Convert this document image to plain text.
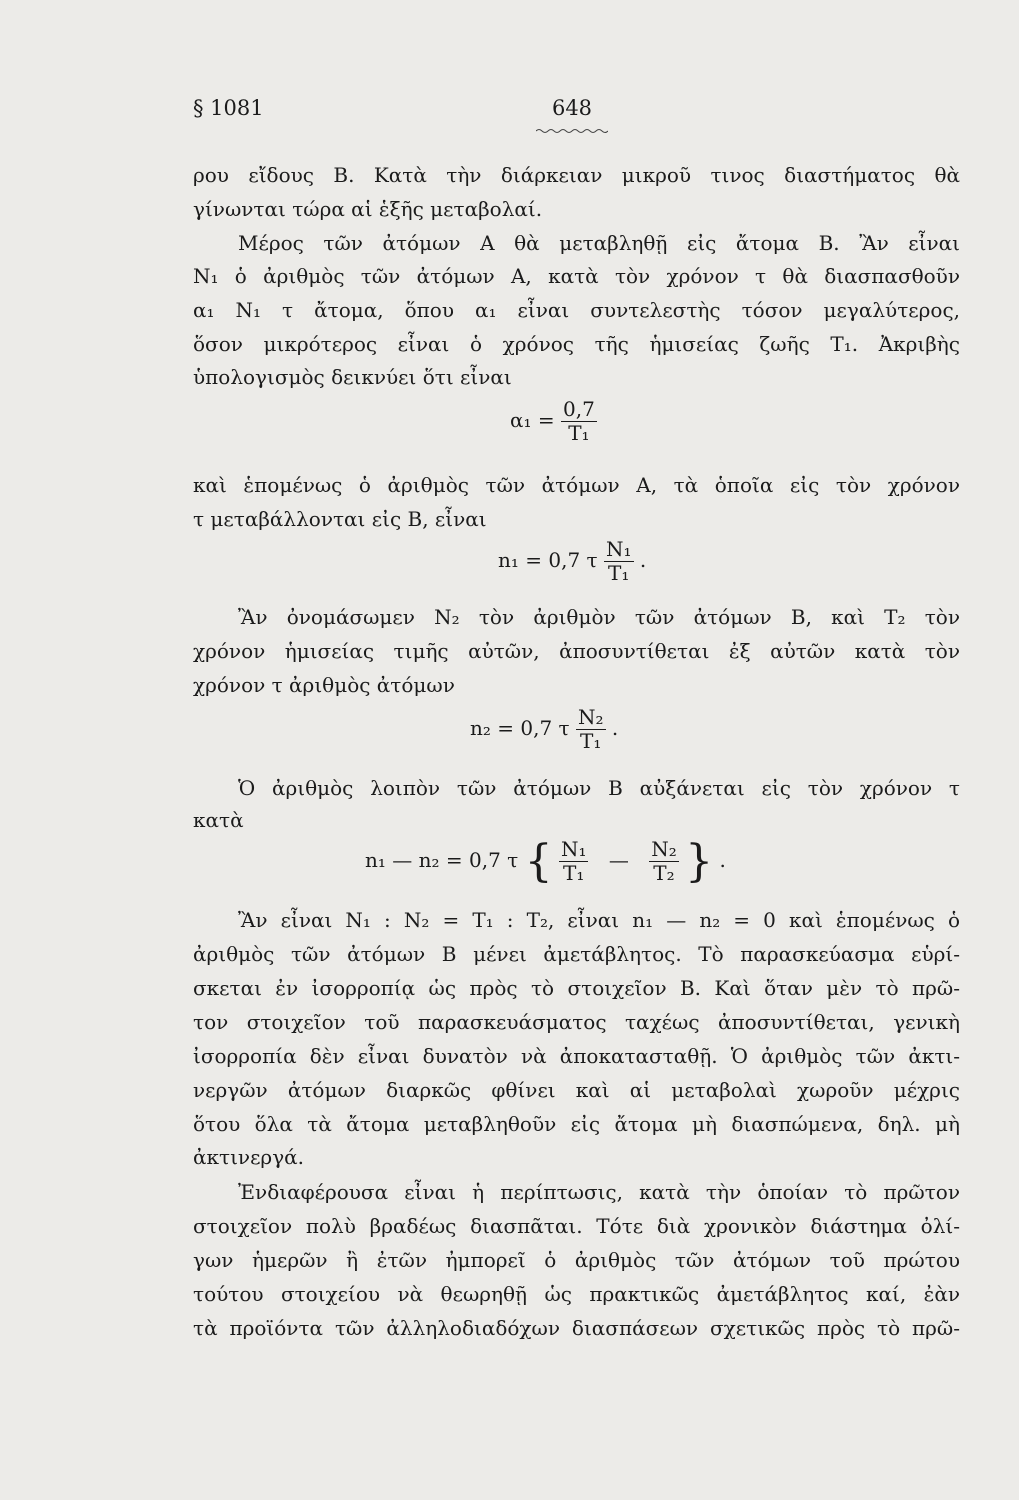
§ 1081	648
ρου εἴδους Β. Κατὰ τὴν διάρκειαν μικροῦ τινος διαστήματος θὰ
γίνωνται τώρα αἱ ἑξῆς μεταβολαί.
Μέρος τῶν ἀτόμων Α θὰ μεταβληθῇ εἰς ἄτομα Β. Ἂν εἶναι
N₁ ὁ ἀριθμὸς τῶν ἀτόμων Α, κατὰ τὸν χρόνον τ θὰ διασπασθοῦν
α₁ N₁ τ ἄτομα, ὅπου α₁ εἶναι συντελεστὴς τόσον μεγαλύτερος,
ὅσον μικρότερος εἶναι ὁ χρόνος τῆς ἡμισείας ζωῆς T₁. Ἀκριβὴς
ὑπολογισμὸς δεικνύει ὅτι εἶναι
$\alpha_1 = \frac{0,7}{\text{T₁}}$
καὶ ἑπομένως ὁ ἀριθμὸς τῶν ἀτόμων Α, τὰ ὁποῖα εἰς τὸν χρόνον
τ μεταβάλλονται εἰς Β, εἶναι
n₁ = 0,7 τ $\frac{\text{N₁}}{\text{T₁}}$ .
Ἂν ὀνομάσωμεν N₂ τὸν ἀριθμὸν τῶν ἀτόμων Β, καὶ T₂ τὸν
χρόνον ἡμισείας τιμῆς αὐτῶν, ἀποσυντίθεται ἐξ αὐτῶν κατὰ τὸν
χρόνον τ ἀριθμὸς ἀτόμων
n₂ = 0,7 τ $\frac{\text{N₂}}{\text{T₁}}$ .
Ὁ ἀριθμὸς λοιπὸν τῶν ἀτόμων Β αὐξάνεται εἰς τὸν χρόνον τ
κατὰ
n₁ — n₂ = 0,7 τ { $\frac{\text{N₁}}{\text{T₁}}$ — $\frac{\text{N₂}}{\text{T₂}}$ } .
Ἂν εἶναι N₁ : N₂ = T₁ : T₂, εἶναι n₁ — n₂ = 0 καὶ ἑπομένως ὁ
ἀριθμὸς τῶν ἀτόμων Β μένει ἀμετάβλητος. Τὸ παρασκεύασμα εὑρί-
σκεται ἐν ἰσορροπίᾳ ὡς πρὸς τὸ στοιχεῖον Β. Καὶ ὅταν μὲν τὸ πρῶ-
τον στοιχεῖον τοῦ παρασκευάσματος ταχέως ἀποσυντίθεται, γενικὴ
ἰσορροπία δὲν εἶναι δυνατὸν νὰ ἀποκατασταθῇ. Ὁ ἀριθμὸς τῶν ἀκτι-
νεργῶν ἀτόμων διαρκῶς φθίνει καὶ αἱ μεταβολαὶ χωροῦν μέχρις
ὅτου ὅλα τὰ ἄτομα μεταβληθοῦν εἰς ἄτομα μὴ διασπώμενα, δηλ. μὴ
ἀκτινεργά.
Ἐνδιαφέρουσα εἶναι ἡ περίπτωσις, κατὰ τὴν ὁποίαν τὸ πρῶτον
στοιχεῖον πολὺ βραδέως διασπᾶται. Τότε διὰ χρονικὸν διάστημα ὀλί-
γων ἡμερῶν ἢ ἐτῶν ἠμπορεῖ ὁ ἀριθμὸς τῶν ἀτόμων τοῦ πρώτου
τούτου στοιχείου νὰ θεωρηθῇ ὡς πρακτικῶς ἀμετάβλητος καί, ἐὰν
τὰ προϊόντα τῶν ἀλληλοδιαδόχων διασπάσεων σχετικῶς πρὸς τὸ πρῶ-
